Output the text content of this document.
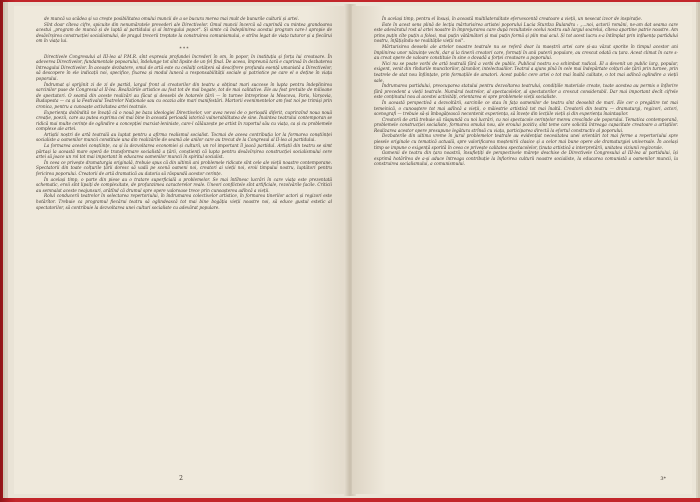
de muncă va scădea și va crește posibilitatea omului muncii de a se bucura merea mai mult de bunurile culturii și artei.

Sînt doar cîteva cifre, spicuite din nenumăratele prevederi ale Directivelor. Omul muncii încercă să cuprindă cu mintea grandoarea acestui „program de muncă și de luptă al partidului și al întregului popor". Și simte că îndeplinirea acestui program care-l apropie de desăvîrșirea construcției socialismului, de pragul trecerii treptate la construirea comunismului, e strîns legat de viața tuturor și a fiecărui om în viața lui.

* * *

Directivele Congresului al III-lea al P.M.R. sînt expresia profundei încrederi în om, în popor, în instituția și forța lui creatoare. În adeverea Directivelor, fundamentale popoarului, îndelunge tot sînt lipsite de un fel final. De aceea, împreună tară e cuprinsă în dezbaterea întreagului Directivelor. În aceaște dezbatere, omul de artă este cu ceilalți cetățeni să descifrere profunda esență umanistă a Directivelor, să descopere în ele indicații noi, specifice, fixarea și modul lunecă a responsabilității sociale și patriotice pe care el o deține în viața poporului.

Îndrumat și sprijinit zi de zi de partid, largul front al creatorilor din teatru a obținut mari succese în lupta pentru îndeplinirea sarcinilor puse de Congresul al II-lea. Realizările artistice au fost tot de mai bogate, tot de mai calitative. Ele au fost pretuite de milioane de spectatori. O seamă din aceste realizări au făcut și deosebi de hotarele țării — în turnee întreprinse la Moscova, Paris, Varșovia, Budapesta — ca și la Festivalul Teatrelor Naționale sau cu ocazia alte mari manifestări. Martorii evenimentelor am fost noi pe trimiși prin cronica, pentru a cunoaște activitatea artei teatrale.

Experiența dobîndită ne învață că o nouă pe baza ideologiei Directivelor, vor avea nevoi de o perioadă diferit, cuprinzînd noua nouă creație, poezii, care au putea exprima cel mai bine în această perioadă istorică vulnerabilitatea de sine. Înaintea teatrului contemporan se ridică mai multe cerințe de oglindire a concepției marxist-leniniste, care-l călăuzește pe artist în raportul său cu viața, ca și cu problemele complexe ale artei.

Artiștii noștri de artă teatrală au luptat pentru a afirma realismul socialist. Tocmai de aceea contribuția lor la formarea conștiinței socialiste a oamenilor muncii constituie una din realizările de seamă ale anilor care au trecut de la Congresul al II-lea al partidului.

La formarea acestei conștiințe, ca și la dezvoltarea economiei și culturii, un rol important îl joacă partidul. Artiștii din teatru se simt părtași la această mare operă de transformare socialistă a țării, conștienți că lupta pentru desăvîrșirea construcției socialismului cere artei să joace un rol tot mai important în educarea oamenilor muncii în spiritul socialist.

În ceea ce privește dramaturgia originală, trebuie spus că din ultimii ani problemele ridicate sînt cele ale vieții noastre contemporane. Spectatorii din toate colțurile țării doresc să vadă pe scenă oameni noi, creatori ai vieții noi, eroii timpului nostru, luptători pentru fericirea poporului. Creatorii de artă dramatică au datoria să răspundă acestor cerințe.

În același timp, o parte din piese au o tratare superficială a problemelor. Se mai întîlnesc lucrări în care viața este prezentată schematic, eroii sînt lipsiți de complexitate, de profunzimea caracterelor reale. Uneori conflictele sînt artificiale, rezolvările facile. Criticii au semnalat aceste neajunsuri, arătînd că drumul spre opere valoroase trece prin cunoașterea adîncă a vieții.

Rolul conducerii teatrelor în selectarea repertoriului, în îndrumarea colectivelor artistice, în formarea tinerilor actori și regizori este hotărîtor. Trebuie ca programul fiecărui teatru să oglindească tot mai bine bogăția vieții noastre noi, să educe gustul estetic al spectatorilor, să contribuie la dezvoltarea unei culturi socialiste cu adevărat populare.

2

În același timp, pentru el însuși, în această multilateralitate efervescentă creatoare a vieții, un nesecat izvor de inspirație.

Este în acest sens plină de lecția mărturisirea artistei poporului Lucia Sturdza Bulandra : „...noi, actorii români, ne-am dat seama care este adevăratul rost al artei noastre în împrejurarea care după rezultatele ocelui nostru sub largul soarelui, cîteva apartine patrie noastre. Am prins puțin cîte puțin a folosi, mai puțin vătămători și mai puțin formă și plin mai acul. Și tot acest lucru s-a întîmplat prin influența partidului nostru, înfățișîndu-ne realitățile vieții noi".

Mărturisirea deosebi ale artelor noastre teatrale nu se referă doar la maeștrii artei care și-au văzut sporite în timpul acestor ani împlinirea unor năzuințe vechi, dar și la tinerii creatori care, formați în anii puterii populare, au crescut odată cu țara. Acest climat în care s-au creat opere de valoare constituie în sine o dovadă a forței creatoare a poporului.

Nici nu se poate vorbi de artă teatrală fără a vorbi de public. Publicul nostru s-a schimbat radical. El a devenit un public larg, popular, exigent, venit din rîndurile muncitorilor, țăranilor, intelectualilor. Teatrul a ajuns pînă în cele mai îndepărtate colțuri ale țării prin turnee, prin teatrele de stat nou înființate, prin formațiile de amatori. Acest public cere artei o tot mai înaltă calitate, o tot mai adîncă oglindire a vieții sale.

Îndrumarea partidului, preocuparea statului pentru dezvoltarea teatrului, condițiile materiale create, toate acestea au permis o înflorire fără precedent a vieții teatrale. Numărul teatrelor, al spectacolelor, al spectatorilor a crescut considerabil. Dar mai important decît cifrele este conținutul nou al acestei activități, orientarea ei spre problemele vieții socialiste.

În această perspectivă a dezvoltării, sarcinile ce stau în fața oamenilor de teatru sînt deosebit de mari. Ele cer o pregătire tot mai temeinică, o cunoaștere tot mai adîncă a vieții, o măiestrie artistică tot mai înaltă. Creatorii din teatru — dramaturgi, regizori, actori, scenografi — trebuie să-și îmbogățească necontenit experiența, să învețe din lecțiile vieții și din experiența înaintașilor.

Creatorii de artă trebuie să răspundă cu noi lucrări, cu noi spectacole cerințelor mereu crescînde ale poporului. Tematica contemporană, problemele construcției socialiste, formarea omului nou, ale eroului pozitiv, sînt teme care solicită întreaga capacitate creatoare a artiștilor. Realizarea acestor opere presupune legătura strînsă cu viața, participarea directă la efortul constructiv al poporului.

Dezbaterile din ultima vreme în jurul problemelor teatrale au evidențiat necesitatea unei orientări tot mai ferme a repertoriului spre piesele originale cu tematică actuală, spre valorificarea moștenirii clasice și a celor mai bune opere ale dramaturgiei universale. În același timp se impune o exigență sporită în ceea ce privește calitatea spectacolelor, ținuta artistică a interpretării, unitatea viziunii regizorale.

Oamenii de teatru din țara noastră, însuflețiți de perspectivele măreţe deschise de Directivele Congresului al III-lea al partidului, își exprimă hotărîrea de a-și aduce întreaga contribuție la înflorirea culturii noastre socialiste, la educarea comunistă a oamenilor muncii, la construirea socialismului, a comunismului.

3*
